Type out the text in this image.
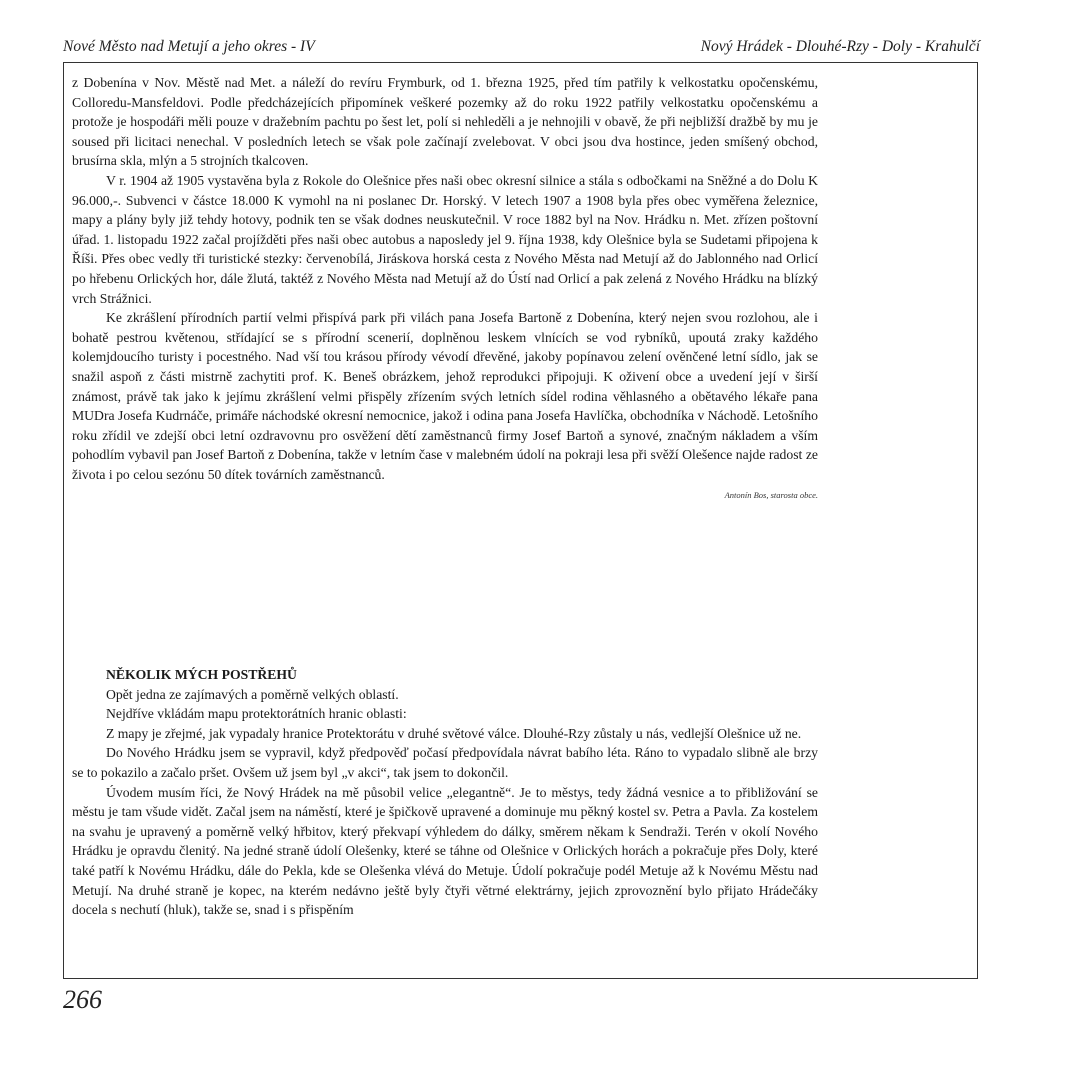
Nové Město nad Metují a jeho okres - IV	Nový Hrádek - Dlouhé-Rzy - Doly - Krahulčí

z Dobenína v Nov. Městě nad Met. a náleží do revíru Frymburk, od 1. března 1925, před tím patřily k velkostatku opočenskému, Colloredu-Mansfeldovi. Podle předcházejících připomínek veškeré pozemky až do roku 1922 patřily velkostatku opočenskému a protože je hospodáři měli pouze v dražebním pachtu po šest let, polí si nehleděli a je nehnojili v obavě, že při nejbližší dražbě by mu je soused při licitaci nenechal. V posledních letech se však pole začínají zvelebovat. V obci jsou dva hostince, jeden smíšený obchod, brusírna skla, mlýn a 5 strojních tkalcoven.

V r. 1904 až 1905 vystavěna byla z Rokole do Olešnice přes naši obec okresní silnice a stála s odbočkami na Sněžné a do Dolu K 96.000,-. Subvenci v částce 18.000 K vymohl na ni poslanec Dr. Horský. V letech 1907 a 1908 byla přes obec vyměřena železnice, mapy a plány byly již tehdy hotovy, podnik ten se však dodnes neuskutečnil. V roce 1882 byl na Nov. Hrádku n. Met. zřízen poštovní úřad. 1. listopadu 1922 začal projížděti přes naši obec autobus a naposledy jel 9. října 1938, kdy Olešnice byla se Sudetami připojena k Říši. Přes obec vedly tři turistické stezky: červenobílá, Jiráskova horská cesta z Nového Města nad Metují až do Jablonného nad Orlicí po hřebenu Orlických hor, dále žlutá, taktéž z Nového Města nad Metují až do Ústí nad Orlicí a pak zelená z Nového Hrádku na blízký vrch Strážnici.

Ke zkrášlení přírodních partií velmi přispívá park při vilách pana Josefa Bartoně z Dobenína, který nejen svou rozlohou, ale i bohatě pestrou květenou, střídající se s přírodní scenerií, doplněnou leskem vlnících se vod rybníků, upoutá zraky každého kolemjdoucího turisty i pocestného. Nad vší tou krásou přírody vévodí dřevěné, jakoby popínavou zelení ověnčené letní sídlo, jak se snažil aspoň z části mistrně zachytiti prof. K. Beneš obrázkem, jehož reprodukci připojuji. K oživení obce a uvedení její v širší známost, právě tak jako k jejímu zkrášlení velmi přispěly zřízením svých letních sídel rodina věhlasného a obětavého lékaře pana MUDra Josefa Kudrnáče, primáře náchodské okresní nemocnice, jakož i odina pana Josefa Havlíčka, obchodníka v Náchodě. Letošního roku zřídil ve zdejší obci letní ozdravovnu pro osvěžení dětí zaměstnanců firmy Josef Bartoň a synové, značným nákladem a vším pohodlím vybavil pan Josef Bartoň z Dobenína, takže v letním čase v malebném údolí na pokraji lesa při svěží Olešence najde radost ze života i po celou sezónu 50 dítek továrních zaměstnanců.

Antonín Bos, starosta obce.

NĚKOLIK MÝCH POSTŘEHŮ

Opět jedna ze zajímavých a poměrně velkých oblastí.

Nejdříve vkládám mapu protektorátních hranic oblasti:

Z mapy je zřejmé, jak vypadaly hranice Protektorátu v druhé světové válce. Dlouhé-Rzy zůstaly u nás, vedlejší Olešnice už ne.

Do Nového Hrádku jsem se vypravil, když předpověď počasí předpovídala návrat babího léta. Ráno to vypadalo slibně ale brzy se to pokazilo a začalo pršet. Ovšem už jsem byl „v akci“, tak jsem to dokončil.

Úvodem musím říci, že Nový Hrádek na mě působil velice „elegantně“. Je to městys, tedy žádná vesnice a to přibližování se městu je tam všude vidět. Začal jsem na náměstí, které je špičkově upravené a dominuje mu pěkný kostel sv. Petra a Pavla. Za kostelem na svahu je upravený a poměrně velký hřbitov, který překvapí výhledem do dálky, směrem někam k Sendraži. Terén v okolí Nového Hrádku je opravdu členitý. Na jedné straně údolí Olešenky, které se táhne od Olešnice v Orlických horách a pokračuje přes Doly, které také patří k Novému Hrádku, dále do Pekla, kde se Olešenka vlévá do Metuje. Údolí pokračuje podél Metuje až k Novému Městu nad Metují. Na druhé straně je kopec, na kterém nedávno ještě byly čtyři větrné elektrárny, jejich zprovoznění bylo přijato Hrádečáky docela s nechutí (hluk), takže se, snad i s přispěním

266
